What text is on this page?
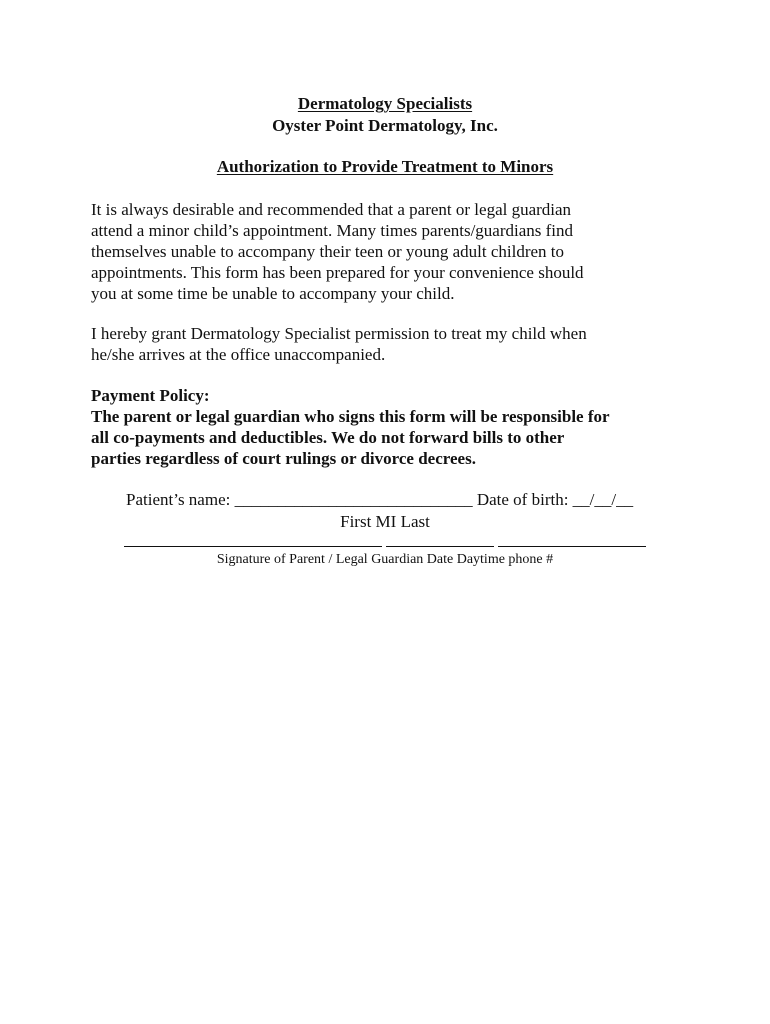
Dermatology Specialists
Oyster Point Dermatology, Inc.
Authorization to Provide Treatment to Minors
It is always desirable and recommended that a parent or legal guardian
attend a minor child’s appointment. Many times parents/guardians find
themselves unable to accompany their teen or young adult children to
appointments. This form has been prepared for your convenience should
you at some time be unable to accompany your child.
I hereby grant Dermatology Specialist permission to treat my child when
he/she arrives at the office unaccompanied.
Payment Policy:
The parent or legal guardian who signs this form will be responsible for
all co-payments and deductibles. We do not forward bills to other
parties regardless of court rulings or divorce decrees.
Patient’s name: ____________________________ Date of birth: __/__/__
First MI Last
Signature of Parent / Legal Guardian Date Daytime phone #
